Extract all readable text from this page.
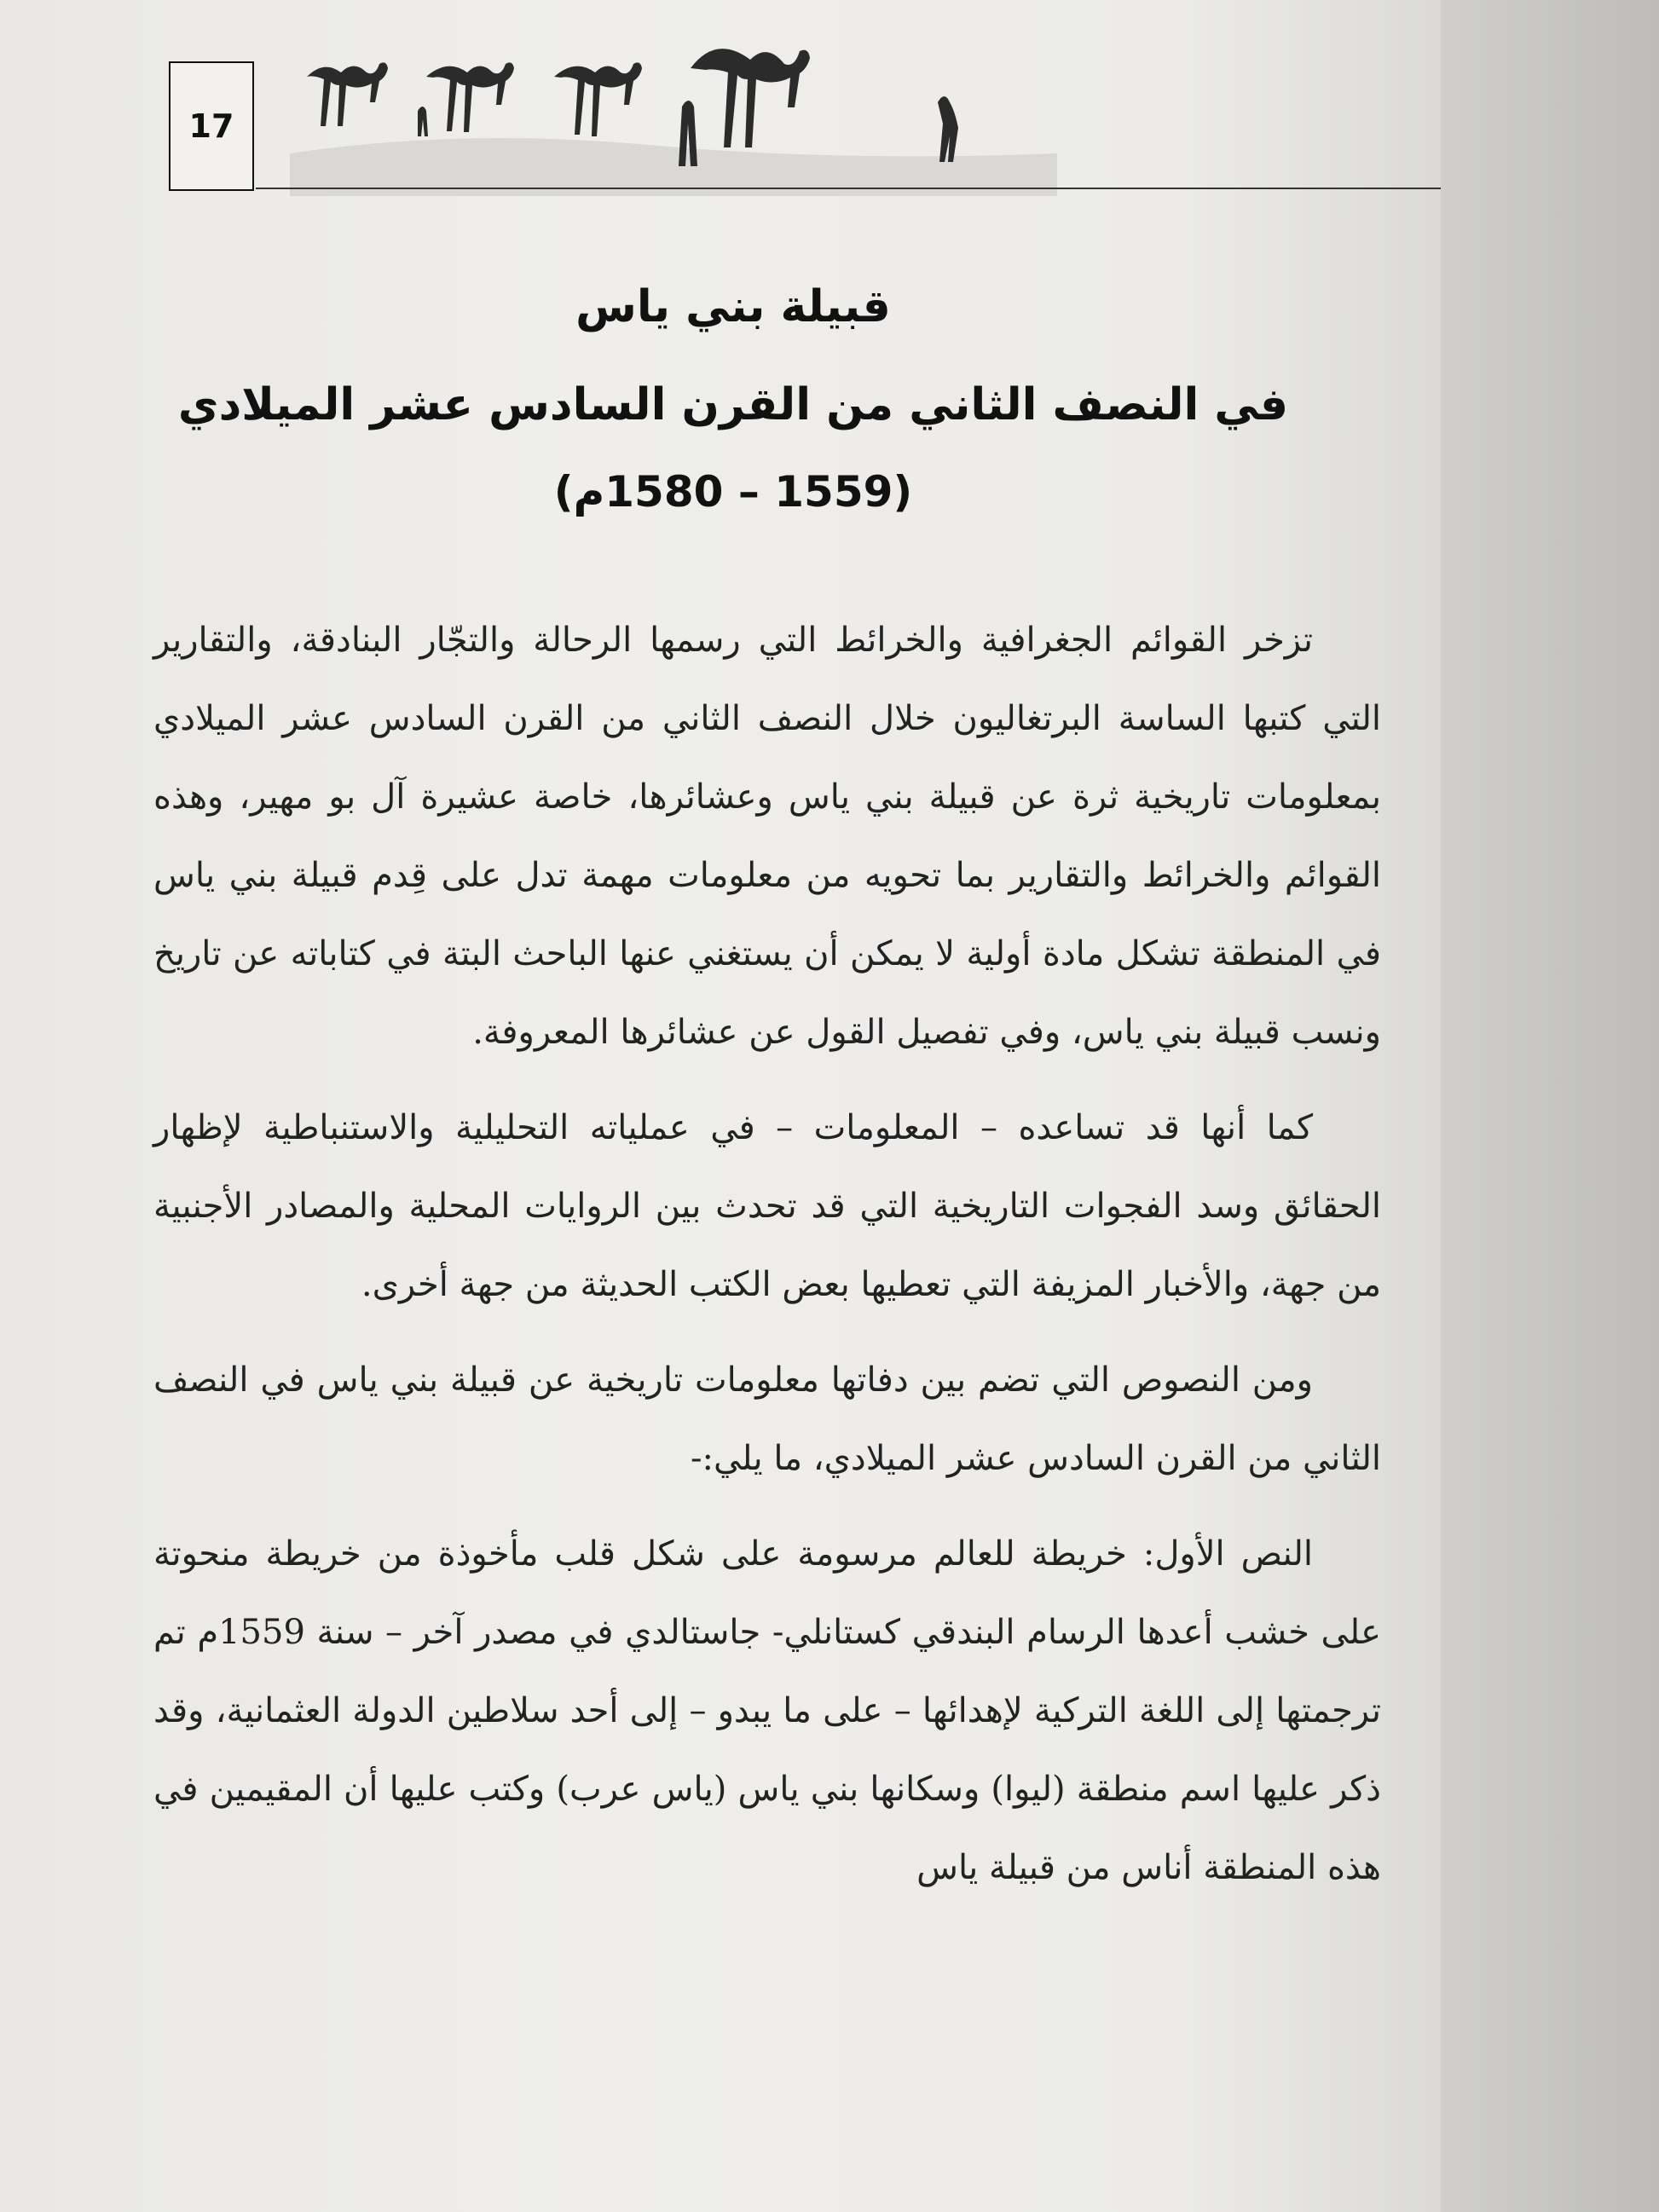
17
قبيلة بني ياس
في النصف الثاني من القرن السادس عشر الميلادي
(1559 – 1580م)

تزخر القوائم الجغرافية والخرائط التي رسمها الرحالة والتجّار البنادقة، والتقارير التي كتبها الساسة البرتغاليون خلال النصف الثاني من القرن السادس عشر الميلادي بمعلومات تاريخية ثرة عن قبيلة بني ياس وعشائرها، خاصة عشيرة آل بو مهير، وهذه القوائم والخرائط والتقارير بما تحويه من معلومات مهمة تدل على قِدم قبيلة بني ياس في المنطقة تشكل مادة أولية لا يمكن أن يستغني عنها الباحث البتة في كتاباته عن تاريخ ونسب قبيلة بني ياس، وفي تفصيل القول عن عشائرها المعروفة.

كما أنها قد تساعده – المعلومات – في عملياته التحليلية والاستنباطية لإظهار الحقائق وسد الفجوات التاريخية التي قد تحدث بين الروايات المحلية والمصادر الأجنبية من جهة، والأخبار المزيفة التي تعطيها بعض الكتب الحديثة من جهة أخرى.

ومن النصوص التي تضم بين دفاتها معلومات تاريخية عن قبيلة بني ياس في النصف الثاني من القرن السادس عشر الميلادي، ما يلي:-

النص الأول: خريطة للعالم مرسومة على شكل قلب مأخوذة من خريطة منحوتة على خشب أعدها الرسام البندقي كستانلي- جاستالدي في مصدر آخر – سنة 1559م تم ترجمتها إلى اللغة التركية لإهدائها – على ما يبدو – إلى أحد سلاطين الدولة العثمانية، وقد ذكر عليها اسم منطقة (ليوا) وسكانها بني ياس (ياس عرب) وكتب عليها أن المقيمين في هذه المنطقة أناس من قبيلة ياس
